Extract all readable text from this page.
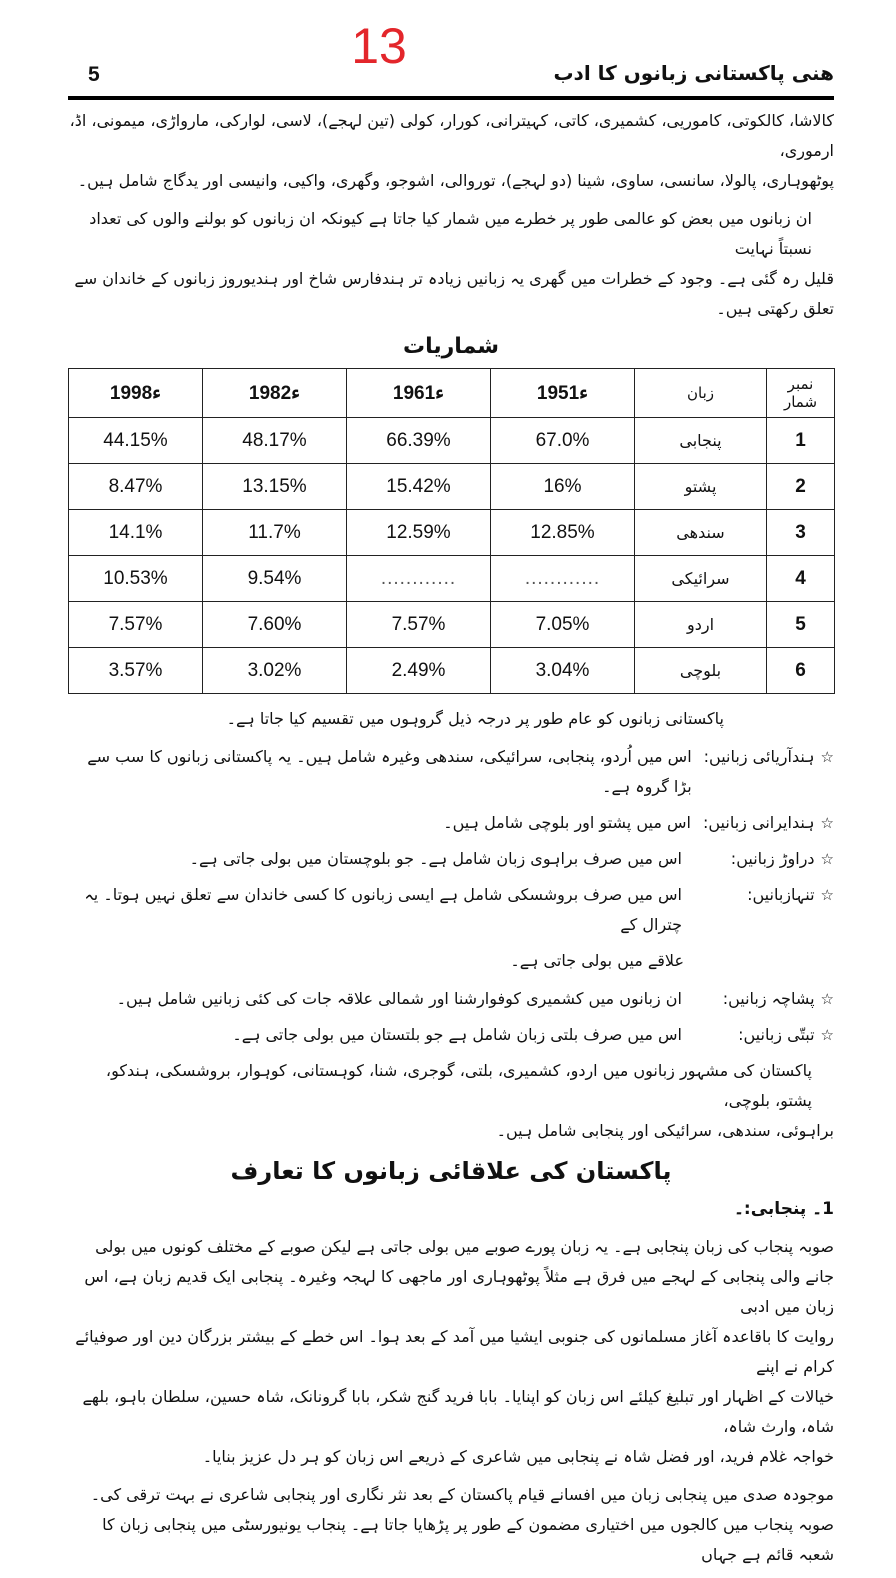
13
5	ھنی پاکستانی زبانوں کا ادب
کالاشا، کالکوتی، کاموریی، کشمیری، کاتی، کہیترانی، کورار، کولی (تین لہجے)، لاسی، لوارکی، مارواڑی، میمونی، اڈ، ارموری،
پوٹھوہاری، پالولا، سانسی، ساوی، شینا (دو لہجے)، توروالی، اشوجو، وگھری، واکیی، وانیسی اور یدگاج شامل ہیں۔
ان زبانوں میں بعض کو عالمی طور پر خطرے میں شمار کیا جاتا ہے کیونکہ ان زبانوں کو بولنے والوں کی تعداد نسبتاً نہایت
قلیل رہ گئی ہے۔ وجود کے خطرات میں گھری یہ زبانیں زیادہ تر ہندفارس شاخ اور ہندیوروز زبانوں کے خاندان سے تعلق رکھتی ہیں۔
شماریات
1998ء	1982ء	1961ء	1951ء	زبان	نمبر شمار
44.15%	48.17%	66.39%	67.0%	پنجابی	1
8.47%	13.15%	15.42%	16%	پشتو	2
14.1%	11.7%	12.59%	12.85%	سندھی	3
10.53%	9.54%	............	............	سرائیکی	4
7.57%	7.60%	7.57%	7.05%	اردو	5
3.57%	3.02%	2.49%	3.04%	بلوچی	6
پاکستانی زبانوں کو عام طور پر درجہ ذیل گروہوں میں تقسیم کیا جاتا ہے۔
☆ہندآریائی زبانیں:
اس میں اُردو، پنجابی، سرائیکی، سندھی وغیرہ شامل ہیں۔ یہ پاکستانی زبانوں کا سب سے بڑا گروہ ہے۔
☆ہندایرانی زبانیں:
اس میں پشتو اور بلوچی شامل ہیں۔
☆دراوڑ زبانیں:
اس میں صرف براہوی زبان شامل ہے۔ جو بلوچستان میں بولی جاتی ہے۔
☆تنہازبانیں:
اس میں صرف بروشسکی شامل ہے ایسی زبانوں کا کسی خاندان سے تعلق نہیں ہوتا۔ یہ چترال کے
علاقے میں بولی جاتی ہے۔
☆پشاچہ زبانیں:
ان زبانوں میں کشمیری کوفوارشنا اور شمالی علاقہ جات کی کئی زبانیں شامل ہیں۔
☆تبتّی زبانیں:
اس میں صرف بلتی زبان شامل ہے جو بلتستان میں بولی جاتی ہے۔
پاکستان کی مشہور زبانوں میں اردو، کشمیری، بلتی، گوجری، شنا، کوہستانی، کوہوار، بروشسکی، ہندکو، پشتو، بلوچی،
براہوئی، سندھی، سرائیکی اور پنجابی شامل ہیں۔
پاکستان کی علاقائی زبانوں کا تعارف
1۔ پنجابی:۔
صوبہ پنجاب کی زبان پنجابی ہے۔ یہ زبان پورے صوبے میں بولی جاتی ہے لیکن صوبے کے مختلف کونوں میں بولی
جانے والی پنجابی کے لہجے میں فرق ہے مثلاً پوٹھوہاری اور ماجھی کا لہجہ وغیرہ۔ پنجابی ایک قدیم زبان ہے، اس زبان میں ادبی
روایت کا باقاعدہ آغاز مسلمانوں کی جنوبی ایشیا میں آمد کے بعد ہوا۔ اس خطے کے بیشتر بزرگان دین اور صوفیائے کرام نے اپنے
خیالات کے اظہار اور تبلیغ کیلئے اس زبان کو اپنایا۔ بابا فرید گنج شکر، بابا گرونانک، شاہ حسین، سلطان باہو، بلھے شاہ، وارث شاہ،
خواجہ غلام فرید، اور فضل شاہ نے پنجابی میں شاعری کے ذریعے اس زبان کو ہر دل عزیز بنایا۔
موجودہ صدی میں پنجابی زبان میں افسانے قیام پاکستان کے بعد نثر نگاری اور پنجابی شاعری نے بہت ترقی کی۔
صوبہ پنجاب میں کالجوں میں اختیاری مضمون کے طور پر پڑھایا جاتا ہے۔ پنجاب یونیورسٹی میں پنجابی زبان کا شعبہ قائم ہے جہاں
